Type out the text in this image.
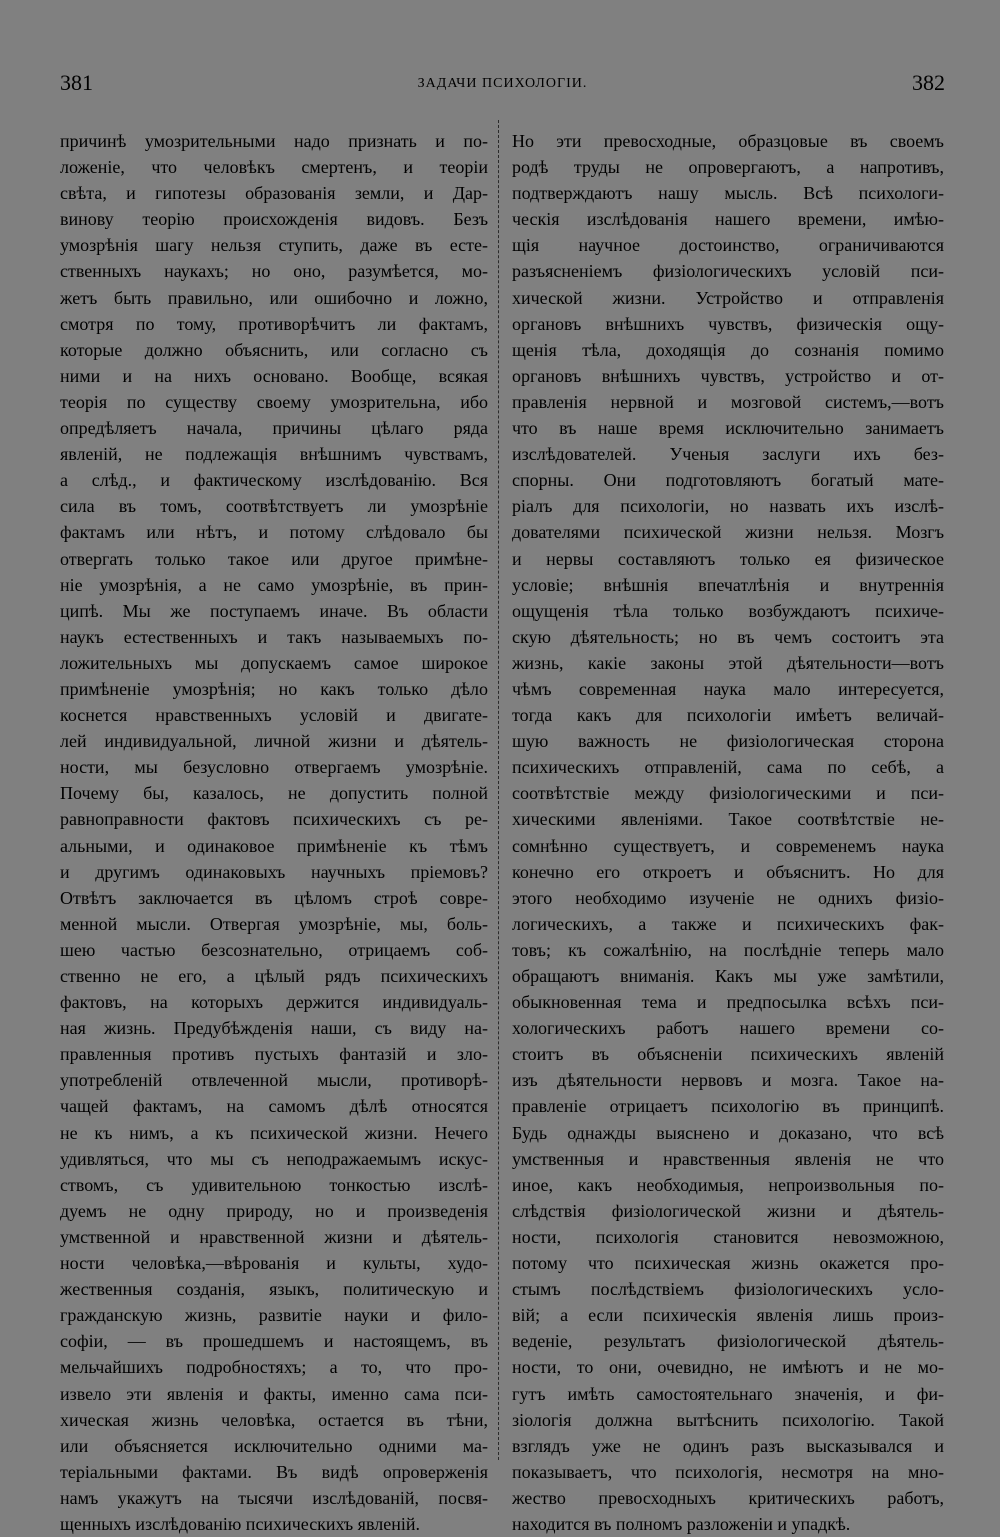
381	ЗАДАЧИ ПСИХОЛОГІИ.	382
причинѣ умозрительными надо признать и по-
ложеніе, что человѣкъ смертенъ, и теоріи
свѣта, и гипотезы образованія земли, и Дар-
винову теорію происхожденія видовъ. Безъ
умозрѣнія шагу нельзя ступить, даже въ есте-
ственныхъ наукахъ; но оно, разумѣется, мо-
жетъ быть правильно, или ошибочно и ложно,
смотря по тому, противорѣчитъ ли фактамъ,
которые должно объяснить, или согласно съ
ними и на нихъ основано. Вообще, всякая
теорія по существу своему умозрительна, ибо
опредѣляетъ начала, причины цѣлаго ряда
явленій, не подлежащія внѣшнимъ чувствамъ,
а слѣд., и фактическому изслѣдованію. Вся
сила въ томъ, соотвѣтствуетъ ли умозрѣніе
фактамъ или нѣтъ, и потому слѣдовало бы
отвергать только такое или другое примѣне-
ніе умозрѣнія, а не само умозрѣніе, въ прин-
ципѣ. Мы же поступаемъ иначе. Въ области
наукъ естественныхъ и такъ называемыхъ по-
ложительныхъ мы допускаемъ самое широкое
примѣненіе умозрѣнія; но какъ только дѣло
коснется нравственныхъ условій и двигате-
лей индивидуальной, личной жизни и дѣятель-
ности, мы безусловно отвергаемъ умозрѣніе.
Почему бы, казалось, не допустить полной
равноправности фактовъ психическихъ съ ре-
альными, и одинаковое примѣненіе къ тѣмъ
и другимъ одинаковыхъ научныхъ пріемовъ?
Отвѣтъ заключается въ цѣломъ строѣ совре-
менной мысли. Отвергая умозрѣніе, мы, боль-
шею частью безсознательно, отрицаемъ соб-
ственно не его, а цѣлый рядъ психическихъ
фактовъ, на которыхъ держится индивидуаль-
ная жизнь. Предубѣжденія наши, съ виду на-
правленныя противъ пустыхъ фантазій и зло-
употребленій отвлеченной мысли, противорѣ-
чащей фактамъ, на самомъ дѣлѣ относятся
не къ нимъ, а къ психической жизни. Нечего
удивляться, что мы съ неподражаемымъ искус-
ствомъ, съ удивительною тонкостью изслѣ-
дуемъ не одну природу, но и произведенія
умственной и нравственной жизни и дѣятель-
ности человѣка,—вѣрованія и культы, худо-
жественныя созданія, языкъ, политическую и
гражданскую жизнь, развитіе науки и фило-
софіи, — въ прошедшемъ и настоящемъ, въ
мельчайшихъ подробностяхъ; а то, что про-
извело эти явленія и факты, именно сама пси-
хическая жизнь человѣка, остается въ тѣни,
или объясняется исключительно одними ма-
теріальными фактами. Въ видѣ опроверженія
намъ укажутъ на тысячи изслѣдованій, посвя-
щенныхъ изслѣдованію психическихъ явленій.
Но эти превосходные, образцовые въ своемъ
родѣ труды не опровергаютъ, а напротивъ,
подтверждаютъ нашу мысль. Всѣ психологи-
ческія изслѣдованія нашего времени, имѣю-
щія научное достоинство, ограничиваются
разъясненіемъ физіологическихъ условій пси-
хической жизни. Устройство и отправленія
органовъ внѣшнихъ чувствъ, физическія ощу-
щенія тѣла, доходящія до сознанія помимо
органовъ внѣшнихъ чувствъ, устройство и от-
правленія нервной и мозговой системъ,—вотъ
что въ наше время исключительно занимаетъ
изслѣдователей. Ученыя заслуги ихъ без-
спорны. Они подготовляютъ богатый мате-
ріалъ для психологіи, но назвать ихъ изслѣ-
дователями психической жизни нельзя. Мозгъ
и нервы составляютъ только ея физическое
условіе; внѣшнія впечатлѣнія и внутреннія
ощущенія тѣла только возбуждаютъ психиче-
скую дѣятельность; но въ чемъ состоитъ эта
жизнь, какіе законы этой дѣятельности—вотъ
чѣмъ современная наука мало интересуется,
тогда какъ для психологіи имѣетъ величай-
шую важность не физіологическая сторона
психическихъ отправленій, сама по себѣ, а
соотвѣтствіе между физіологическими и пси-
хическими явленіями. Такое соотвѣтствіе не-
сомнѣнно существуетъ, и современемъ наука
конечно его откроетъ и объяснитъ. Но для
этого необходимо изученіе не однихъ физіо-
логическихъ, а также и психическихъ фак-
товъ; къ сожалѣнію, на послѣдніе теперь мало
обращаютъ вниманія. Какъ мы уже замѣтили,
обыкновенная тема и предпосылка всѣхъ пси-
хологическихъ работъ нашего времени со-
стоитъ въ объясненіи психическихъ явленій
изъ дѣятельности нервовъ и мозга. Такое на-
правленіе отрицаетъ психологію въ принципѣ.
Будь однажды выяснено и доказано, что всѣ
умственныя и нравственныя явленія не что
иное, какъ необходимыя, непроизвольныя по-
слѣдствія физіологической жизни и дѣятель-
ности, психологія становится невозможною,
потому что психическая жизнь окажется про-
стымъ послѣдствіемъ физіологическихъ усло-
вій; а если психическія явленія лишь произ-
веденіе, результатъ физіологической дѣятель-
ности, то они, очевидно, не имѣютъ и не мо-
гутъ имѣть самостоятельнаго значенія, и фи-
зіологія должна вытѣснить психологію. Такой
взглядъ уже не одинъ разъ высказывался и
показываетъ, что психологія, несмотря на мно-
жество превосходныхъ критическихъ работъ,
находится въ полномъ разложеніи и упадкѣ.
